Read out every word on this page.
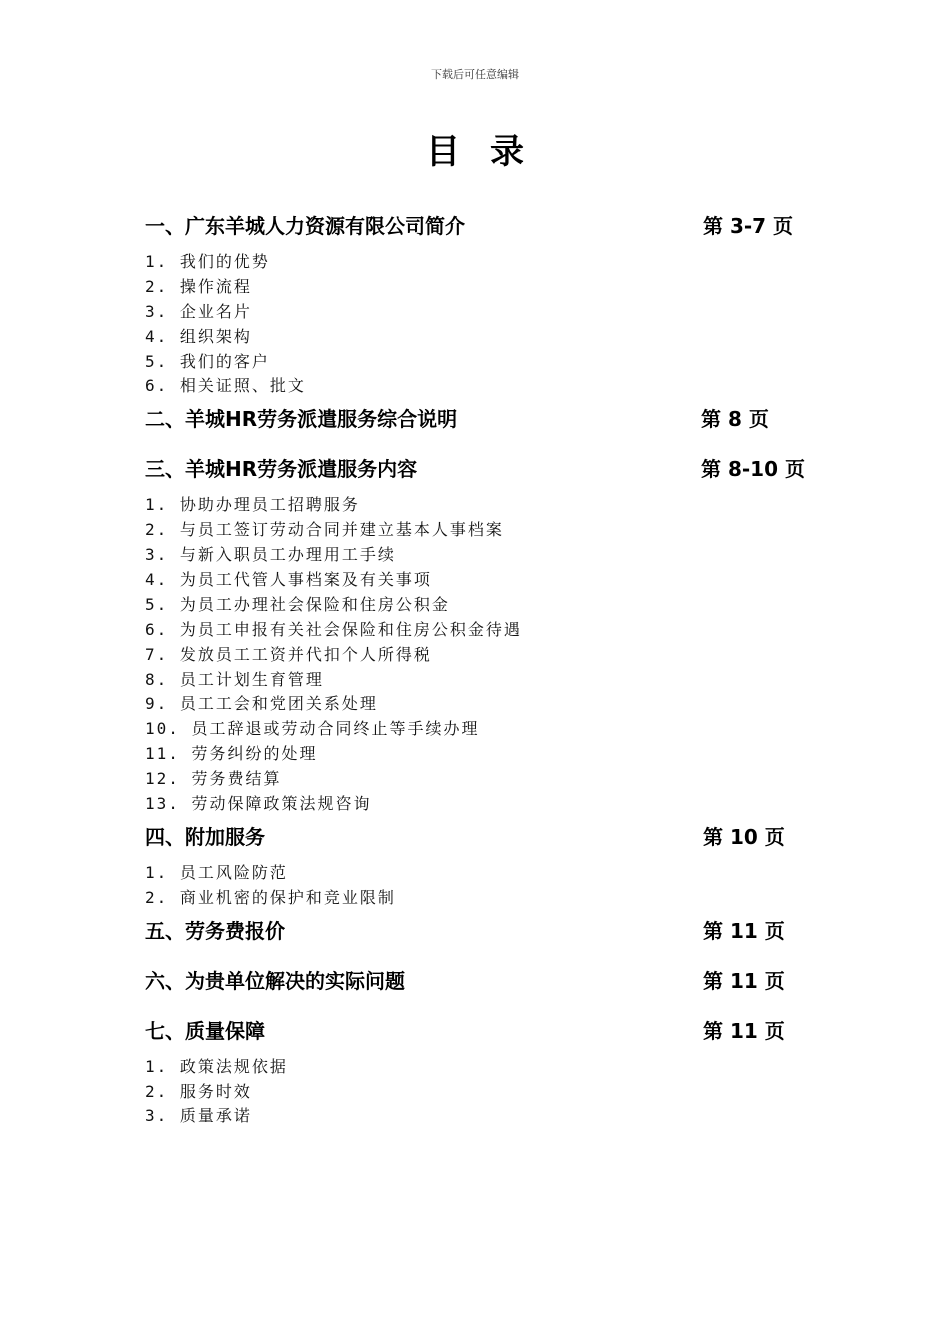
下载后可任意编辑
目录
一、广东羊城人力资源有限公司简介	第 3-7 页
1. 我们的优势
2. 操作流程
3. 企业名片
4. 组织架构
5. 我们的客户
6. 相关证照、批文
二、羊城HR劳务派遣服务综合说明	第 8 页
三、羊城HR劳务派遣服务内容	第 8-10 页
1. 协助办理员工招聘服务
2. 与员工签订劳动合同并建立基本人事档案
3. 与新入职员工办理用工手续
4. 为员工代管人事档案及有关事项
5. 为员工办理社会保险和住房公积金
6. 为员工申报有关社会保险和住房公积金待遇
7. 发放员工工资并代扣个人所得税
8. 员工计划生育管理
9. 员工工会和党团关系处理
10. 员工辞退或劳动合同终止等手续办理
11. 劳务纠纷的处理
12. 劳务费结算
13. 劳动保障政策法规咨询
四、附加服务	第 10 页
1. 员工风险防范
2. 商业机密的保护和竞业限制
五、劳务费报价	第 11 页
六、为贵单位解决的实际问题	第 11 页
七、质量保障	第 11 页
1. 政策法规依据
2. 服务时效
3. 质量承诺
